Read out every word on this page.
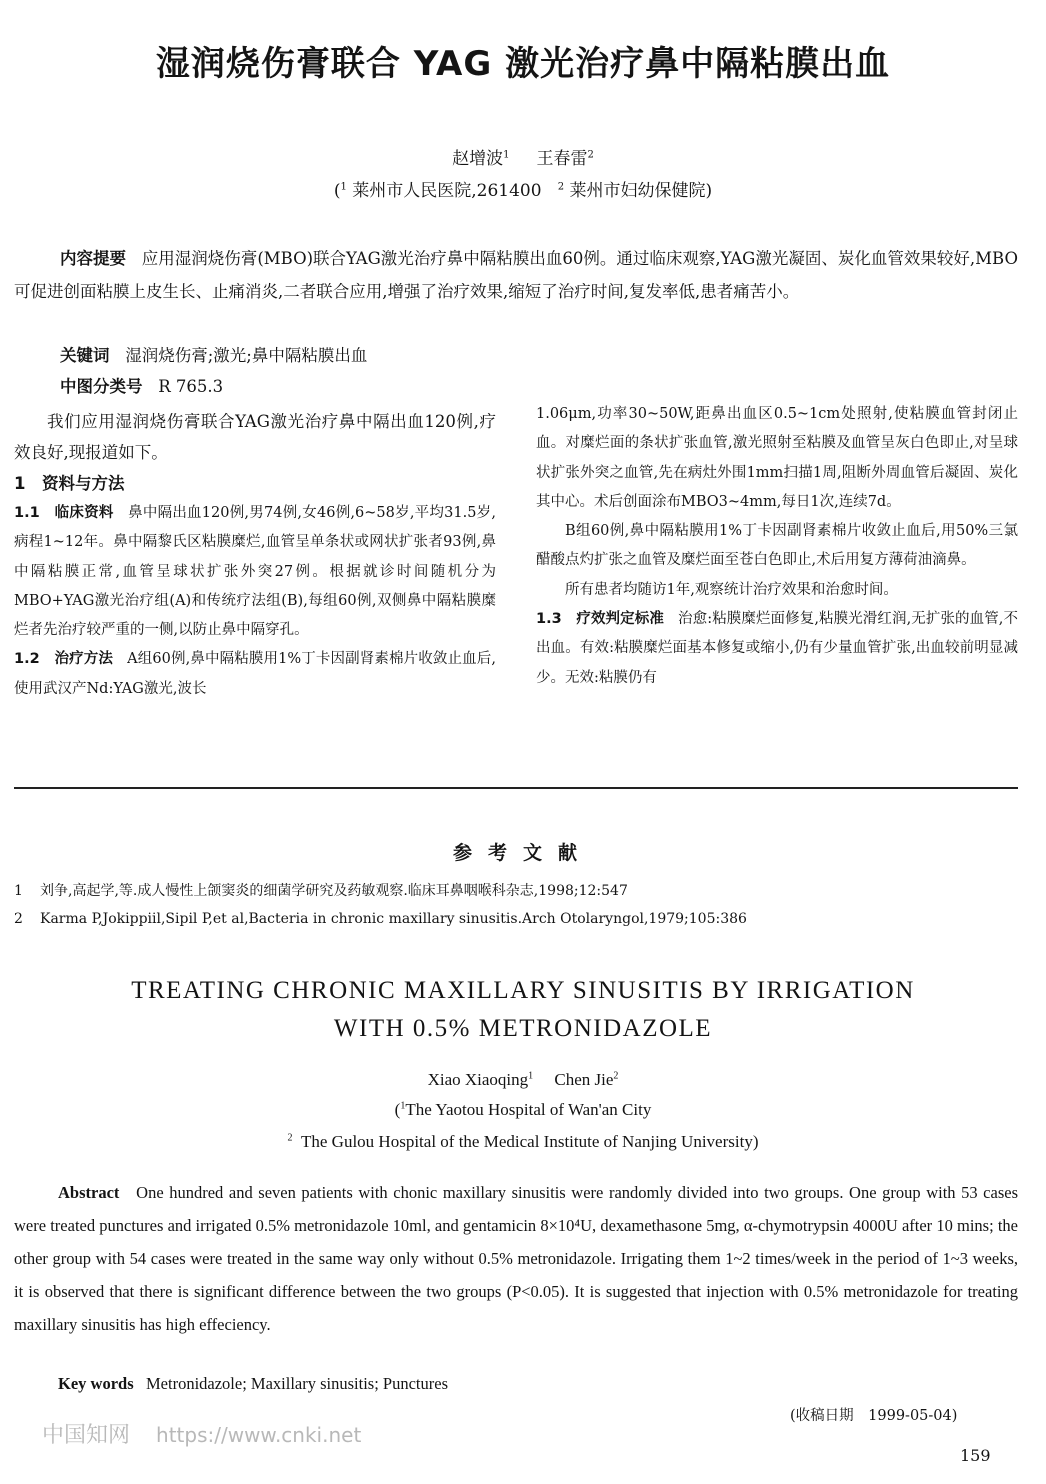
湿润烧伤膏联合 YAG 激光治疗鼻中隔粘膜出血
赵增波$^1$ 王春雷$^2$
($^1$ 莱州市人民医院,261400 $^2$ 莱州市妇幼保健院)
内容提要 应用湿润烧伤膏(MBO)联合YAG激光治疗鼻中隔粘膜出血60例。通过临床观察,YAG激光凝固、炭化血管效果较好,MBO可促进创面粘膜上皮生长、止痛消炎,二者联合应用,增强了治疗效果,缩短了治疗时间,复发率低,患者痛苦小。
关键词 湿润烧伤膏;激光;鼻中隔粘膜出血
中图分类号 R 765.3

我们应用湿润烧伤膏联合YAG激光治疗鼻中隔出血120例,疗效良好,现报道如下。

1　资料与方法

1.1　临床资料 鼻中隔出血120例,男74例,女46例,6~58岁,平均31.5岁,病程1~12年。鼻中隔黎氏区粘膜糜烂,血管呈单条状或网状扩张者93例,鼻中隔粘膜正常,血管呈球状扩张外突27例。根据就诊时间随机分为MBO+YAG激光治疗组(A)和传统疗法组(B),每组60例,双侧鼻中隔粘膜糜烂者先治疗较严重的一侧,以防止鼻中隔穿孔。

1.2　治疗方法 A组60例,鼻中隔粘膜用1%丁卡因副肾素棉片收敛止血后,使用武汉产Nd:YAG激光,波长

1.06μm,功率30~50W,距鼻出血区0.5~1cm处照射,使粘膜血管封闭止血。对糜烂面的条状扩张血管,激光照射至粘膜及血管呈灰白色即止,对呈球状扩张外突之血管,先在病灶外围1mm扫描1周,阻断外周血管后凝固、炭化其中心。术后创面涂布MBO3~4mm,每日1次,连续7d。

B组60例,鼻中隔粘膜用1%丁卡因副肾素棉片收敛止血后,用50%三氯醋酸点灼扩张之血管及糜烂面至苍白色即止,术后用复方薄荷油滴鼻。

所有患者均随访1年,观察统计治疗效果和治愈时间。

1.3　疗效判定标准 治愈:粘膜糜烂面修复,粘膜光滑红润,无扩张的血管,不出血。有效:粘膜糜烂面基本修复或缩小,仍有少量血管扩张,出血较前明显减少。无效:粘膜仍有

参考文献
1 刘争,高起学,等.成人慢性上颌窦炎的细菌学研究及药敏观察.临床耳鼻咽喉科杂志,1998;12:547
2 Karma P,Jokippiil,Sipil P,et al,Bacteria in chronic maxillary sinusitis.Arch Otolaryngol,1979;105:386
TREATING CHRONIC MAXILLARY SINUSITIS BY IRRIGATION
WITH 0.5% METRONIDAZOLE
Xiao Xiaoqing$^1$ Chen Jie$^2$
($^1$The Yaotou Hospital of Wan'an City
$^2$ The Gulou Hospital of the Medical Institute of Nanjing University)
Abstract One hundred and seven patients with chonic maxillary sinusitis were randomly divided into two groups. One group with 53 cases were treated punctures and irrigated 0.5% metronidazole 10ml, and gentamicin 8×10⁴U, dexamethasone 5mg, α-chymotrypsin 4000U after 10 mins; the other group with 54 cases were treated in the same way only without 0.5% metronidazole. Irrigating them 1~2 times/week in the period of 1~3 weeks, it is observed that there is significant difference between the two groups (P<0.05). It is suggested that injection with 0.5% metronidazole for treating maxillary sinusitis has high effeciency.
Key words Metronidazole; Maxillary sinusitis; Punctures
(收稿日期　1999-05-04)
中国知网 https://www.cnki.net
159
